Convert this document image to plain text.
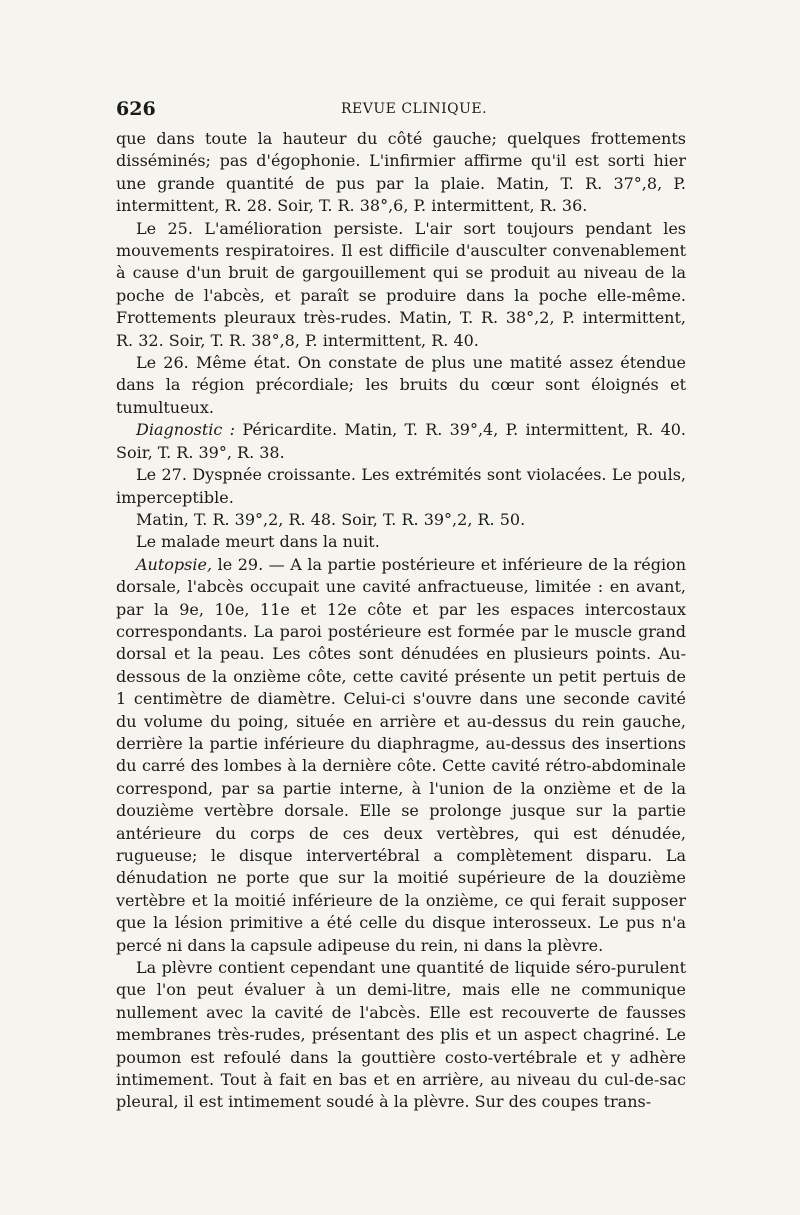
626	REVUE CLINIQUE.

que dans toute la hauteur du côté gauche; quelques frottements disséminés; pas d'égophonie. L'infirmier affirme qu'il est sorti hier une grande quantité de pus par la plaie. Matin, T. R. 37°,8, P. intermittent, R. 28. Soir, T. R. 38°,6, P. intermittent, R. 36.

Le 25. L'amélioration persiste. L'air sort toujours pendant les mouvements respiratoires. Il est difficile d'ausculter convenablement à cause d'un bruit de gargouillement qui se produit au niveau de la poche de l'abcès, et paraît se produire dans la poche elle-même. Frottements pleuraux très-rudes. Matin, T. R. 38°,2, P. intermittent, R. 32. Soir, T. R. 38°,8, P. intermittent, R. 40.

Le 26. Même état. On constate de plus une matité assez étendue dans la région précordiale; les bruits du cœur sont éloignés et tumultueux.

Diagnostic : Péricardite. Matin, T. R. 39°,4, P. intermittent, R. 40. Soir, T. R. 39°, R. 38.

Le 27. Dyspnée croissante. Les extrémités sont violacées. Le pouls, imperceptible.

Matin, T. R. 39°,2, R. 48. Soir, T. R. 39°,2, R. 50.

Le malade meurt dans la nuit.

Autopsie, le 29. — A la partie postérieure et inférieure de la région dorsale, l'abcès occupait une cavité anfractueuse, limitée : en avant, par la 9e, 10e, 11e et 12e côte et par les espaces intercostaux correspondants. La paroi postérieure est formée par le muscle grand dorsal et la peau. Les côtes sont dénudées en plusieurs points. Au-dessous de la onzième côte, cette cavité présente un petit pertuis de 1 centimètre de diamètre. Celui-ci s'ouvre dans une seconde cavité du volume du poing, située en arrière et au-dessus du rein gauche, derrière la partie inférieure du diaphragme, au-dessus des insertions du carré des lombes à la dernière côte. Cette cavité rétro-abdominale correspond, par sa partie interne, à l'union de la onzième et de la douzième vertèbre dorsale. Elle se prolonge jusque sur la partie antérieure du corps de ces deux vertèbres, qui est dénudée, rugueuse; le disque intervertébral a complètement disparu. La dénudation ne porte que sur la moitié supérieure de la douzième vertèbre et la moitié inférieure de la onzième, ce qui ferait supposer que la lésion primitive a été celle du disque interosseux. Le pus n'a percé ni dans la capsule adipeuse du rein, ni dans la plèvre.

La plèvre contient cependant une quantité de liquide séro-purulent que l'on peut évaluer à un demi-litre, mais elle ne communique nullement avec la cavité de l'abcès. Elle est recouverte de fausses membranes très-rudes, présentant des plis et un aspect chagriné. Le poumon est refoulé dans la gouttière costo-vertébrale et y adhère intimement. Tout à fait en bas et en arrière, au niveau du cul-de-sac pleural, il est intimement soudé à la plèvre. Sur des coupes trans-
